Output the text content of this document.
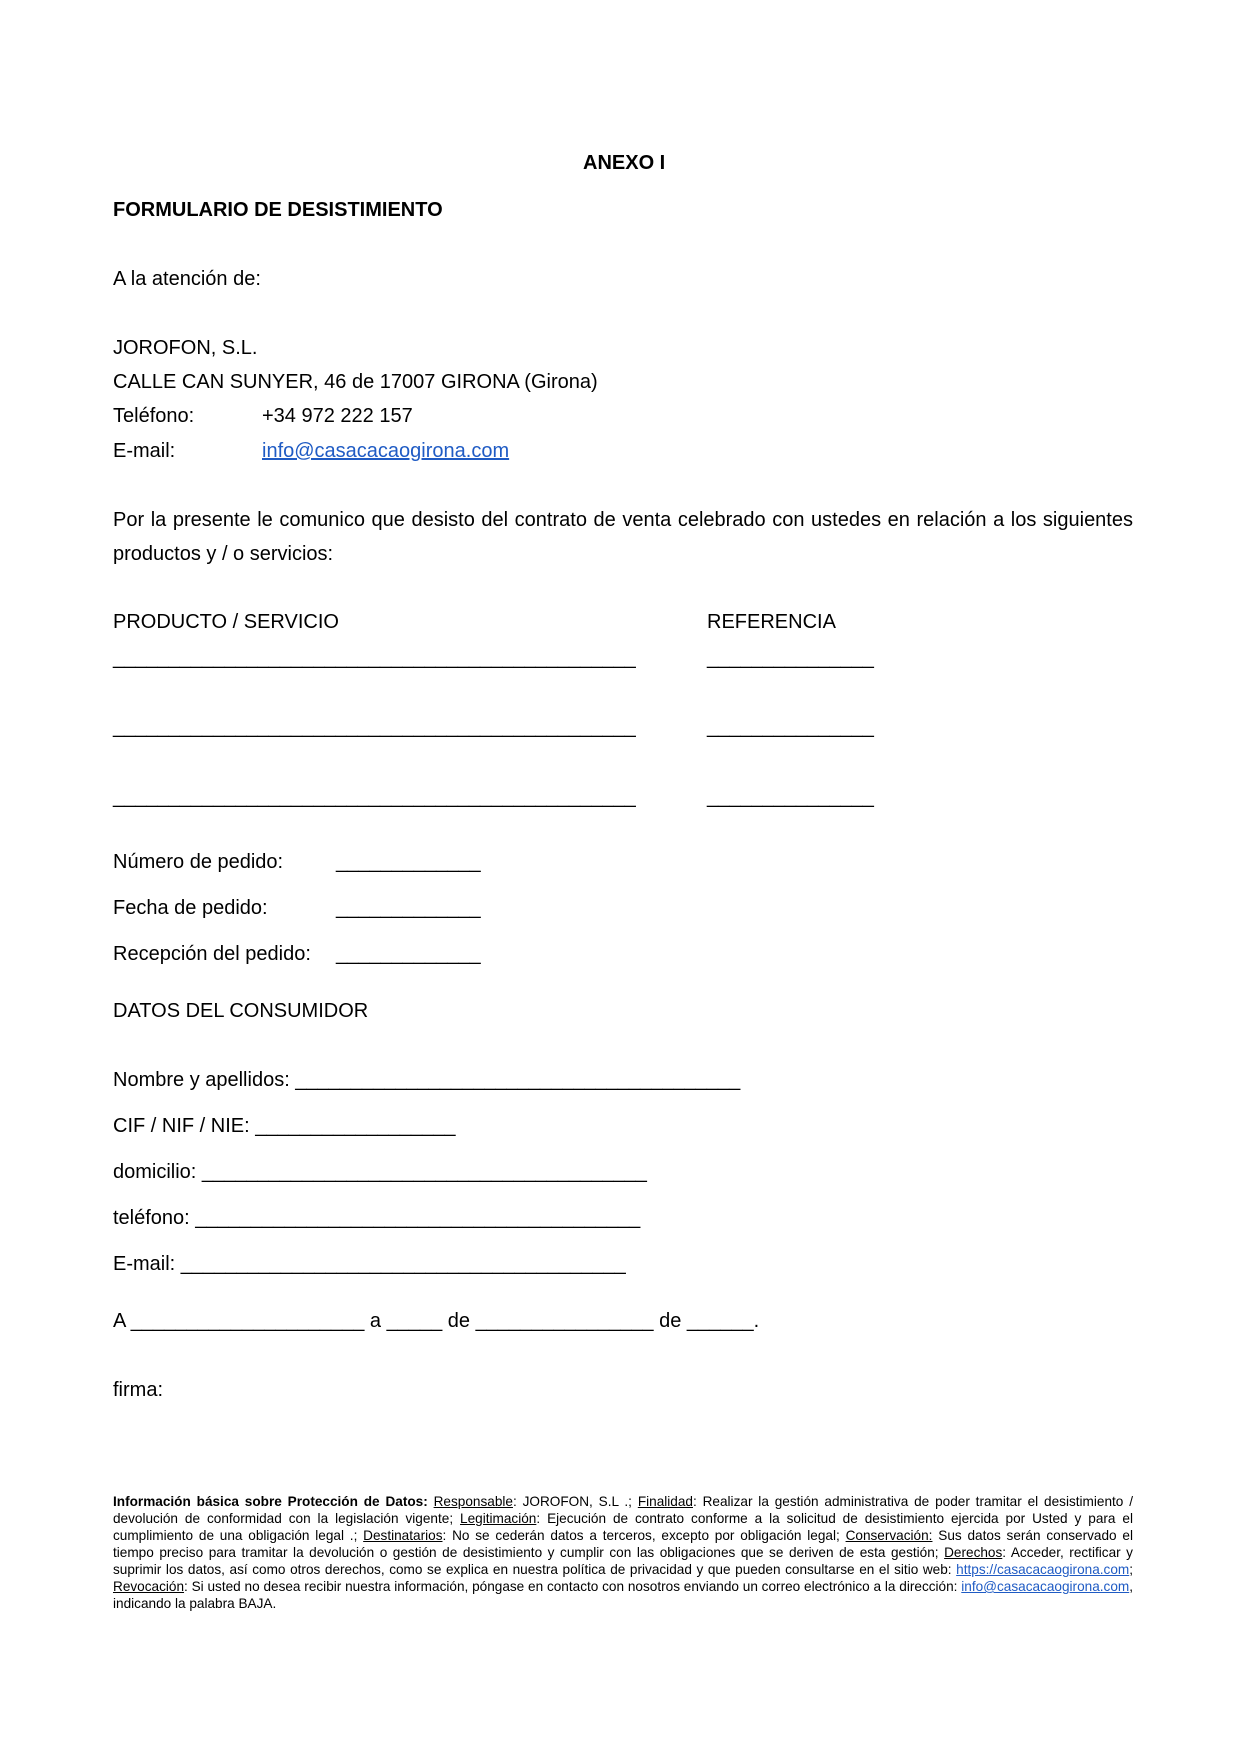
ANEXO I
FORMULARIO DE DESISTIMIENTO
A la atención de:
JOROFON, S.L.
CALLE CAN SUNYER, 46 de 17007 GIRONA (Girona)
Teléfono:	+34 972 222 157
E-mail:	info@casacacaogirona.com
Por la presente le comunico que desisto del contrato de venta celebrado con ustedes en relación a los siguientes productos y / o servicios:
PRODUCTO / SERVICIO	REFERENCIA
_______________________________________________	_______________
_______________________________________________	_______________
_______________________________________________	_______________
Número de pedido:	_____________
Fecha de pedido:	_____________
Recepción del pedido: _____________
DATOS DEL CONSUMIDOR
Nombre y apellidos: ________________________________________
CIF / NIF / NIE: __________________
domicilio: ________________________________________
teléfono: ________________________________________
E-mail: ________________________________________
A _____________________ a _____ de ________________ de ______.
firma:
Información básica sobre Protección de Datos: Responsable: JOROFON, S.L .; Finalidad: Realizar la gestión administrativa de poder tramitar el desistimiento / devolución de conformidad con la legislación vigente; Legitimación: Ejecución de contrato conforme a la solicitud de desistimiento ejercida por Usted y para el cumplimiento de una obligación legal .; Destinatarios: No se cederán datos a terceros, excepto por obligación legal; Conservación: Sus datos serán conservado el tiempo preciso para tramitar la devolución o gestión de desistimiento y cumplir con las obligaciones que se deriven de esta gestión; Derechos: Acceder, rectificar y suprimir los datos, así como otros derechos, como se explica en nuestra política de privacidad y que pueden consultarse en el sitio web: https://casacacaogirona.com; Revocación: Si usted no desea recibir nuestra información, póngase en contacto con nosotros enviando un correo electrónico a la dirección: info@casacacaogirona.com, indicando la palabra BAJA.
